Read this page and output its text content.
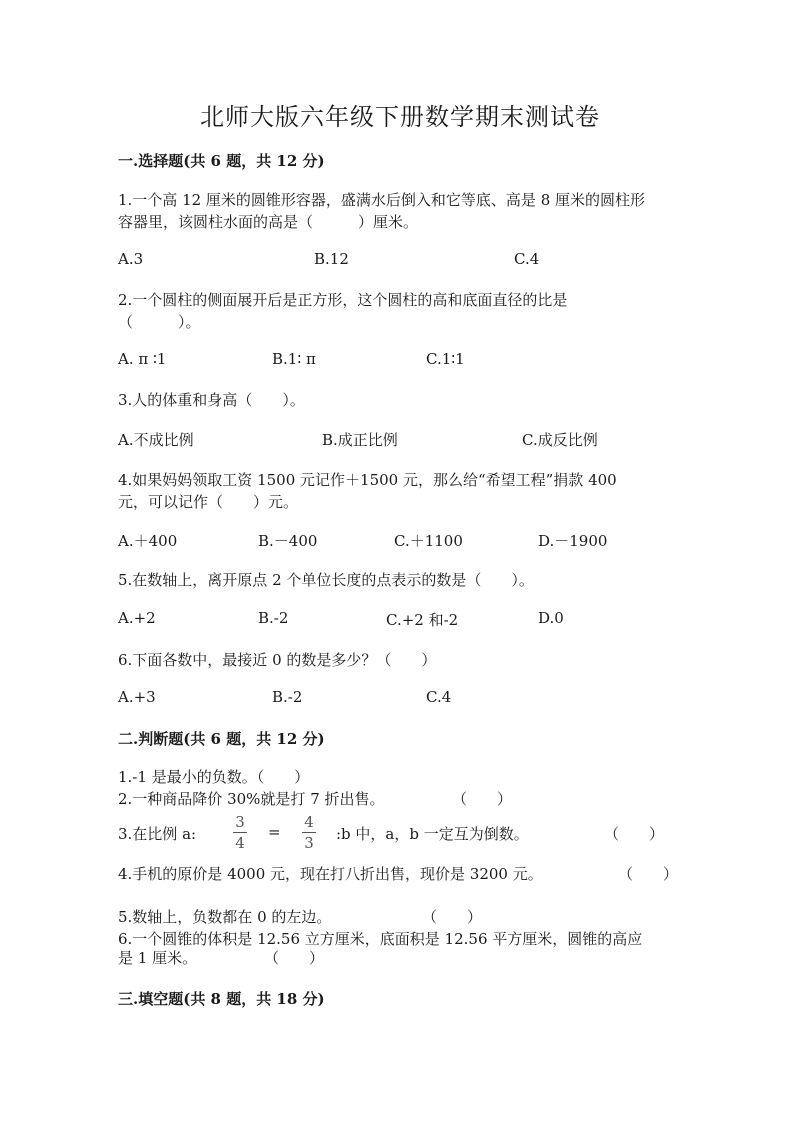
北师大版六年级下册数学期末测试卷
一.选择题(共 6 题，共 12 分)
1.一个高 12 厘米的圆锥形容器，盛满水后倒入和它等底、高是 8 厘米的圆柱形
容器里，该圆柱水面的高是（　　　）厘米。
A.3	B.12	C.4
2.一个圆柱的侧面展开后是正方形，这个圆柱的高和底面直径的比是
（　　　）。
A. π ∶1	B.1∶ π	C.1∶1
3.人的体重和身高（　　）。
A.不成比例	B.成正比例	C.成反比例
4.如果妈妈领取工资 1500 元记作＋1500 元，那么给“希望工程”捐款 400
元，可以记作（　　）元。
A.＋400	B.－400	C.＋1100	D.－1900
5.在数轴上，离开原点 2 个单位长度的点表示的数是（　　）。
A.+2	B.-2	C.+2 和-2	D.0
6.下面各数中，最接近 0 的数是多少？（　　）
A.+3	B.-2	C.4
二.判断题(共 6 题，共 12 分)
1.-1 是最小的负数。（　　）
2.一种商品降价 30%就是打 7 折出售。	（　　）
3.在比例 a:
3
4
=
4
3 :b 中，a，b 一定互为倒数。	（　　）
4.手机的原价是 4000 元，现在打八折出售，现价是 3200 元。	（　　）
5.数轴上，负数都在 0 的左边。	（　　）
6.一个圆锥的体积是 12.56 立方厘米，底面积是 12.56 平方厘米，圆锥的高应
是 1 厘米。	（　　）
三.填空题(共 8 题，共 18 分)
